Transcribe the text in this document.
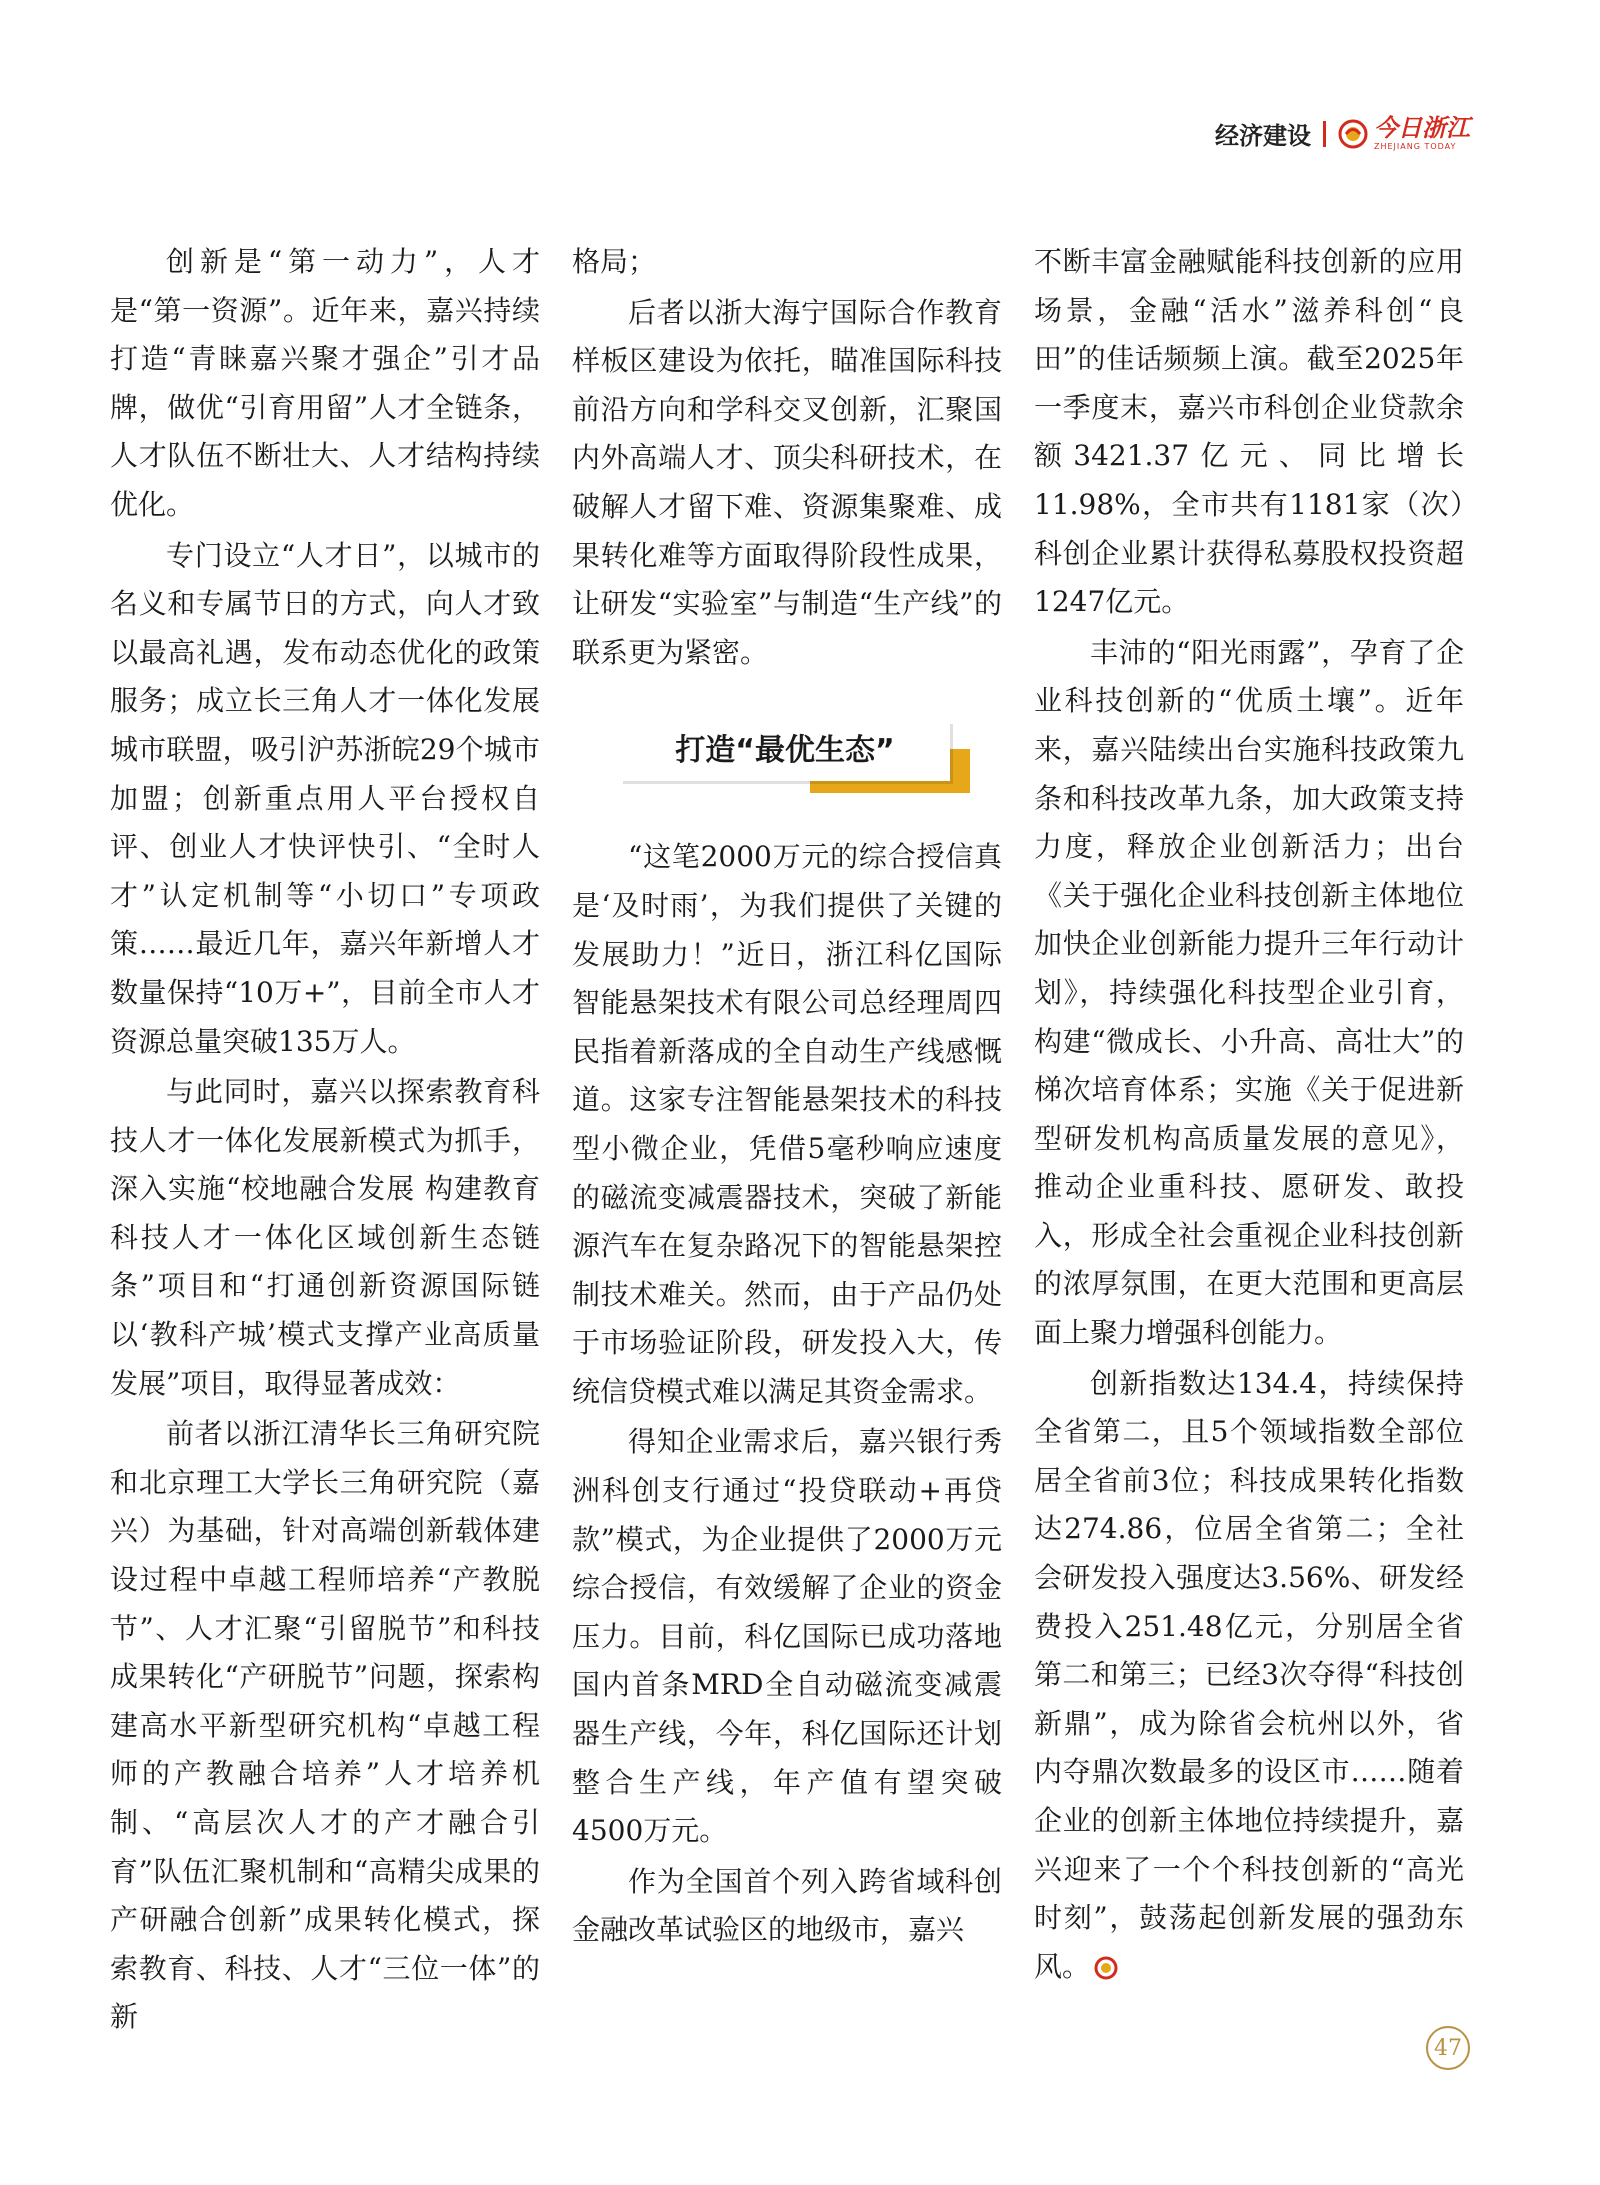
经济建设	今日浙江
ZHEJIANG TODAY

创新是“第一动力”，人才是“第一资源”。近年来，嘉兴持续打造“青睐嘉兴聚才强企”引才品牌，做优“引育用留”人才全链条，人才队伍不断壮大、人才结构持续优化。

专门设立“人才日”，以城市的名义和专属节日的方式，向人才致以最高礼遇，发布动态优化的政策服务；成立长三角人才一体化发展城市联盟，吸引沪苏浙皖29个城市加盟；创新重点用人平台授权自评、创业人才快评快引、“全时人才”认定机制等“小切口”专项政策……最近几年，嘉兴年新增人才数量保持“10万+”，目前全市人才资源总量突破135万人。

与此同时，嘉兴以探索教育科技人才一体化发展新模式为抓手，深入实施“校地融合发展 构建教育科技人才一体化区域创新生态链条”项目和“打通创新资源国际链以‘教科产城’模式支撑产业高质量发展”项目，取得显著成效：

前者以浙江清华长三角研究院和北京理工大学长三角研究院（嘉兴）为基础，针对高端创新载体建设过程中卓越工程师培养“产教脱节”、人才汇聚“引留脱节”和科技成果转化“产研脱节”问题，探索构建高水平新型研究机构“卓越工程师的产教融合培养”人才培养机制、“高层次人才的产才融合引育”队伍汇聚机制和“高精尖成果的产研融合创新”成果转化模式，探索教育、科技、人才“三位一体”的新

格局；

后者以浙大海宁国际合作教育样板区建设为依托，瞄准国际科技前沿方向和学科交叉创新，汇聚国内外高端人才、顶尖科研技术，在破解人才留下难、资源集聚难、成果转化难等方面取得阶段性成果，让研发“实验室”与制造“生产线”的联系更为紧密。

打造“最优生态”

“这笔2000万元的综合授信真是‘及时雨’，为我们提供了关键的发展助力！”近日，浙江科亿国际智能悬架技术有限公司总经理周四民指着新落成的全自动生产线感慨道。这家专注智能悬架技术的科技型小微企业，凭借5毫秒响应速度的磁流变减震器技术，突破了新能源汽车在复杂路况下的智能悬架控制技术难关。然而，由于产品仍处于市场验证阶段，研发投入大，传统信贷模式难以满足其资金需求。

得知企业需求后，嘉兴银行秀洲科创支行通过“投贷联动+再贷款”模式，为企业提供了2000万元综合授信，有效缓解了企业的资金压力。目前，科亿国际已成功落地国内首条MRD全自动磁流变减震器生产线，今年，科亿国际还计划整合生产线，年产值有望突破4500万元。

作为全国首个列入跨省域科创金融改革试验区的地级市，嘉兴

不断丰富金融赋能科技创新的应用场景，金融“活水”滋养科创“良田”的佳话频频上演。截至2025年一季度末，嘉兴市科创企业贷款余额3421.37亿元、同比增长11.98%，全市共有1181家（次）科创企业累计获得私募股权投资超1247亿元。

丰沛的“阳光雨露”，孕育了企业科技创新的“优质土壤”。近年来，嘉兴陆续出台实施科技政策九条和科技改革九条，加大政策支持力度，释放企业创新活力；出台《关于强化企业科技创新主体地位 加快企业创新能力提升三年行动计划》，持续强化科技型企业引育，构建“微成长、小升高、高壮大”的梯次培育体系；实施《关于促进新型研发机构高质量发展的意见》，推动企业重科技、愿研发、敢投入，形成全社会重视企业科技创新的浓厚氛围，在更大范围和更高层面上聚力增强科创能力。

创新指数达134.4，持续保持全省第二，且5个领域指数全部位居全省前3位；科技成果转化指数达274.86，位居全省第二；全社会研发投入强度达3.56%、研发经费投入251.48亿元，分别居全省第二和第三；已经3次夺得“科技创新鼎”，成为除省会杭州以外，省内夺鼎次数最多的设区市……随着企业的创新主体地位持续提升，嘉兴迎来了一个个科技创新的“高光时刻”，鼓荡起创新发展的强劲东风。

47
